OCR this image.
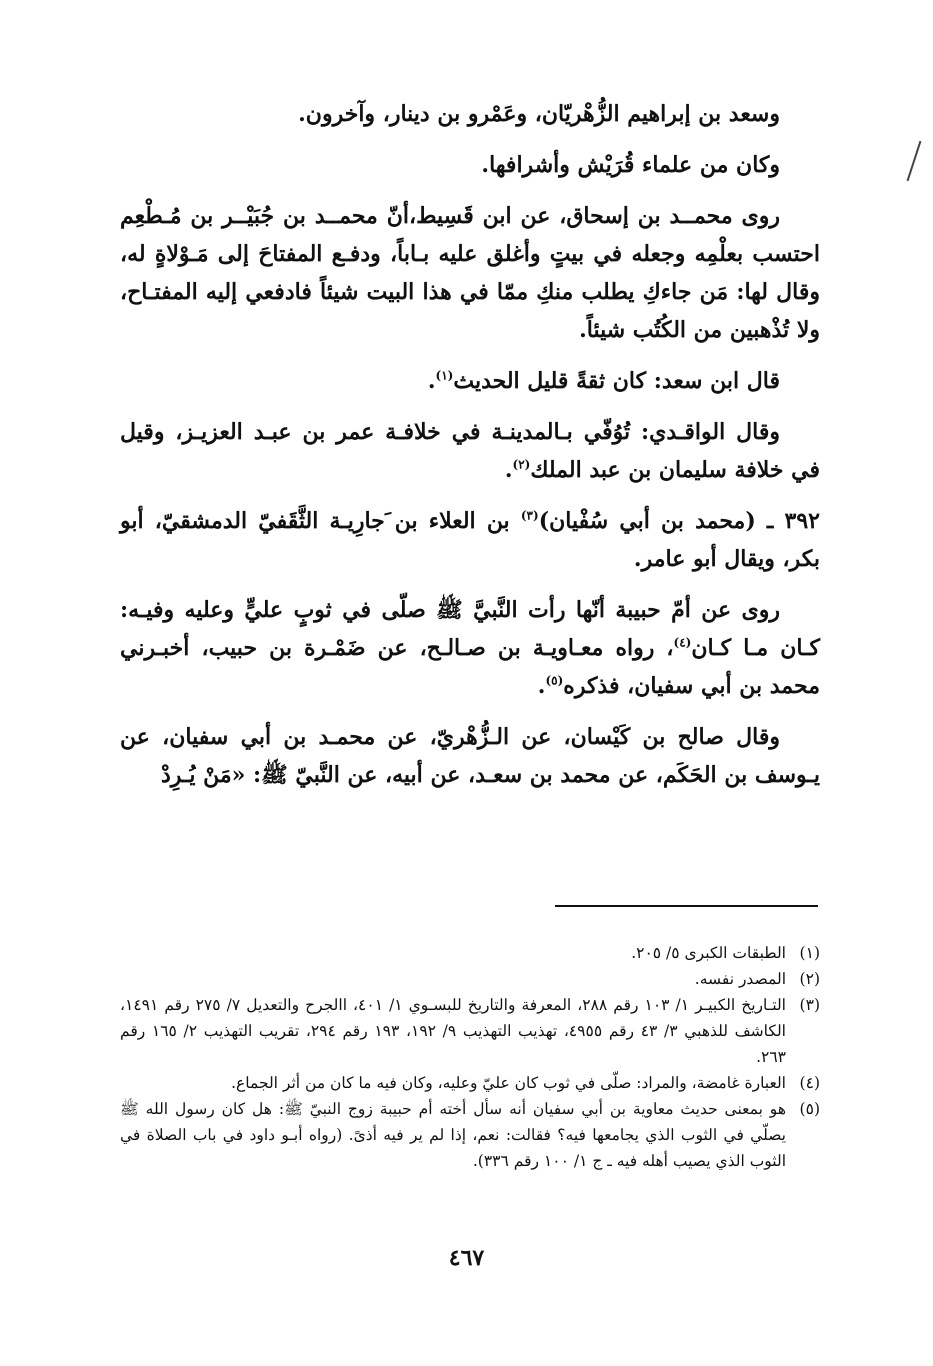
وسعد بن إبراهيم الزُّهْريّان، وعَمْرو بن دينار، وآخرون.

وكان من علماء قُرَيْش وأشرافها.

روى محمــد بن إسحاق، عن ابن قَسِيط،أنّ محمــد بن جُبَيْــر بن مُـطْعِم احتسب بعلْمِه وجعله في بيتٍ وأغلق عليه بـاباً، ودفـع المفتاحَ إلى مَـوْلاةٍ له، وقال لها: مَن جاءكِ يطلب منكِ ممّا في هذا البيت شيئاً فادفعي إليه المفتـاح، ولا تُذْهبين من الكُتُب شيئاً.

قال ابن سعد: كان ثقةً قليل الحديث$^{(١)}$.

وقال الواقـدي: تُوُفّي بـالمدينـة في خلافـة عمر بن عبـد العزيـز، وقيل في خلافة سليمان بن عبد الملك$^{(٢)}$.

٣٩٢ ـ (محمد بن أبي سُفْيان)$^{(٣)}$ بن العلاء بن َجارِيـة الثَّقَفيّ الدمشقيّ، أبو بكر، ويقال أبو عامر.

روى عن أمّ حبيبة أنّها رأت النَّبيَّ ﷺ صلّى في ثوبٍ عليٍّ وعليه وفيـه: كـان مـا كـان$^{(٤)}$، رواه معـاويـة بن صـالـح، عن ضَمْـرة بن حبيب، أخبـرني محمد بن أبي سفيان، فذكره$^{(٥)}$.

وقال صالح بن كَيْسان، عن الـزُّهْريّ، عن محمـد بن أبي سفيان، عن يـوسف بن الحَكَم، عن محمد بن سعـد، عن أبيه، عن النَّبيّ ﷺ: «مَنْ يُـرِدْ

(١)
الطبقات الكبرى ٥/ ٢٠٥.
(٢)
المصدر نفسه.
(٣)
التـاريخ الكبيـر ١/ ١٠٣ رقم ٢٨٨، المعرفة والتاريخ للبسـوي ١/ ٤٠١، االجرح والتعديل ٧/ ٢٧٥ رقم ١٤٩١، الكاشف للذهبي ٣/ ٤٣ رقم ٤٩٥٥، تهذيب التهذيب ٩/ ١٩٢، ١٩٣ رقم ٢٩٤، تقريب التهذيب ٢/ ١٦٥ رقم ٢٦٣.
(٤)
العبارة غامضة، والمراد: صلّى في ثوب كان عليّ وعليه، وكان فيه ما كان من أثر الجماع.
(٥)
هو بمعنى حديث معاوية بن أبي سفيان أنه سأل أخته أم حبيبة زوج النبيّ ﷺ: هل كان رسول الله ﷺ يصلّي في الثوب الذي يجامعها فيه؟ فقالت: نعم، إذا لم ير فيه أذىً. (رواه أبـو داود في باب الصلاة في الثوب الذي يصيب أهله فيه ـ ج ١/ ١٠٠ رقم ٣٣٦).
٤٦٧
